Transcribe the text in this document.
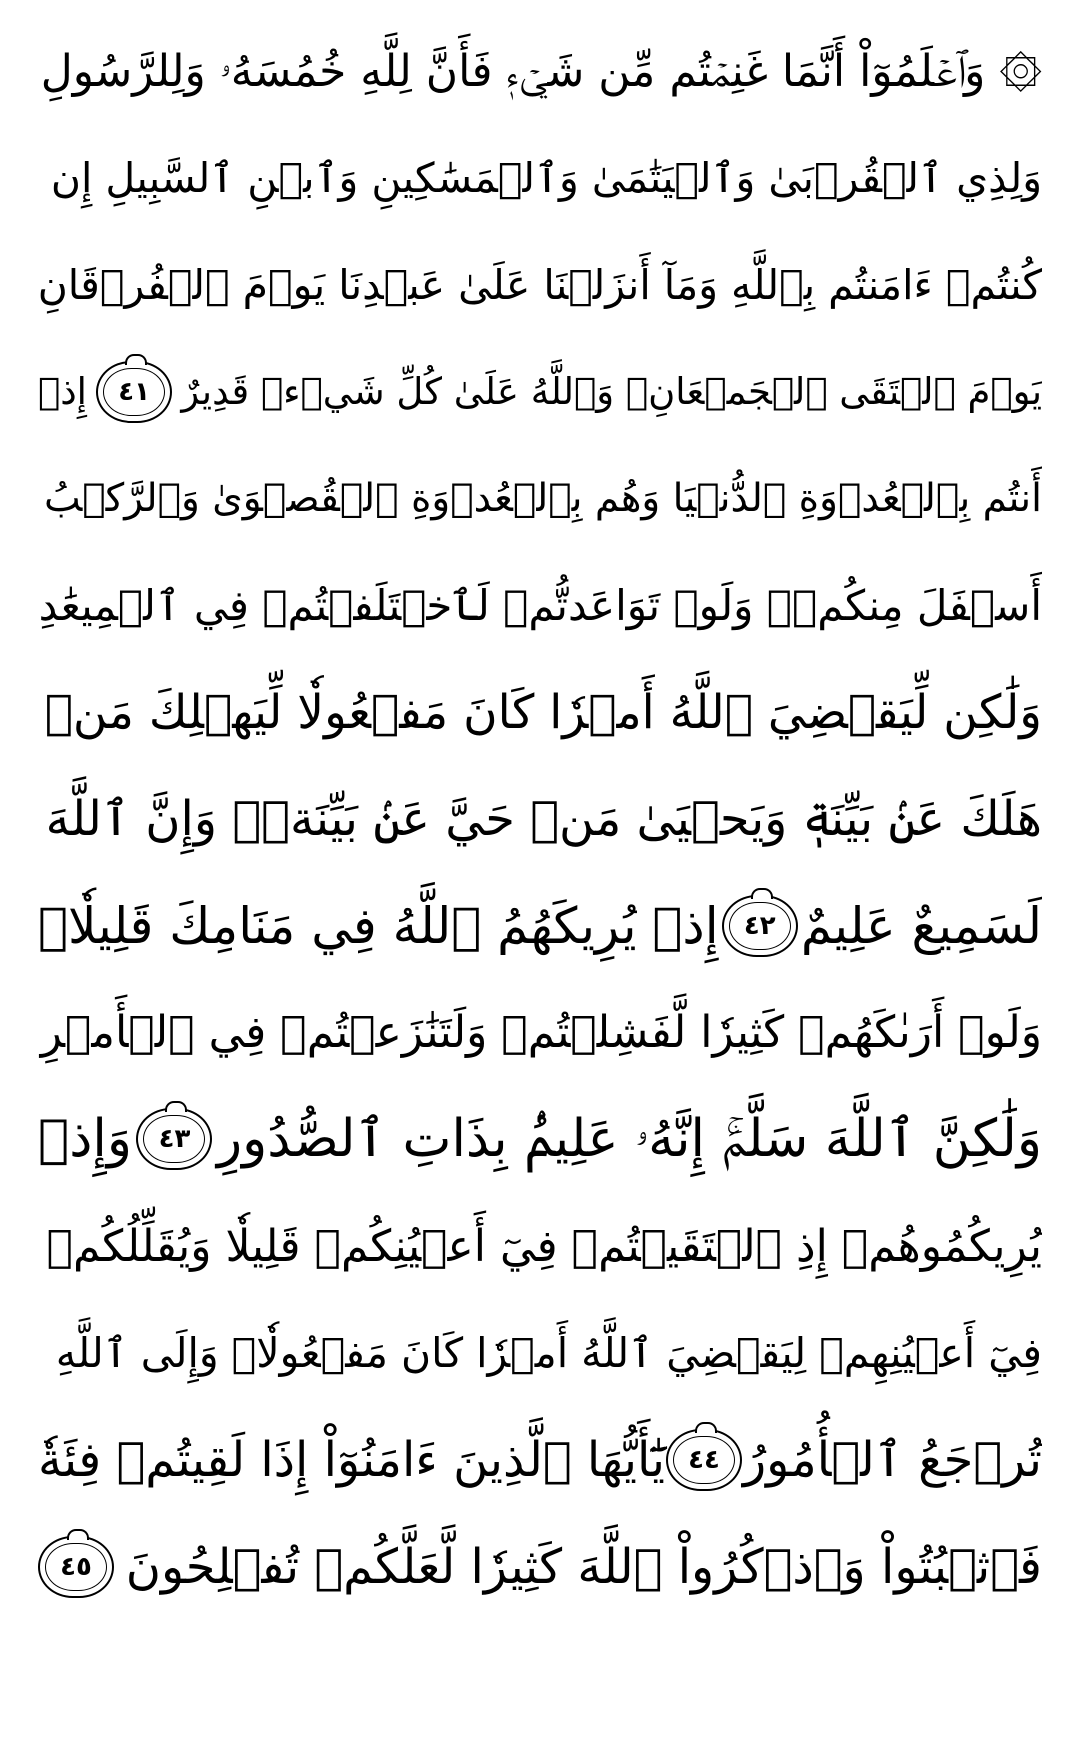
۞ وَٱعۡلَمُوٓاْ أَنَّمَا غَنِمۡتُم مِّن شَيۡءٖ فَأَنَّ لِلَّهِ خُمُسَهُۥ وَلِلرَّسُولِ
وَلِذِي ٱلۡقُرۡبَىٰ وَٱلۡيَتَٰمَىٰ وَٱلۡمَسَٰكِينِ وَٱبۡنِ ٱلسَّبِيلِ إِن
كُنتُمۡ ءَامَنتُم بِٱللَّهِ وَمَآ أَنزَلۡنَا عَلَىٰ عَبۡدِنَا يَوۡمَ ٱلۡفُرۡقَانِ
يَوۡمَ ٱلۡتَقَى ٱلۡجَمۡعَانِۗ وَٱللَّهُ عَلَىٰ كُلِّ شَيۡءٖ قَدِيرٌ
٤١
إِذۡ
أَنتُم بِٱلۡعُدۡوَةِ ٱلدُّنۡيَا وَهُم بِٱلۡعُدۡوَةِ ٱلۡقُصۡوَىٰ وَٱلرَّكۡبُ
أَسۡفَلَ مِنكُمۡۚ وَلَوۡ تَوَاعَدتُّمۡ لَٱخۡتَلَفۡتُمۡ فِي ٱلۡمِيعَٰدِ
وَلَٰكِن لِّيَقۡضِيَ ٱللَّهُ أَمۡرٗا كَانَ مَفۡعُولٗا لِّيَهۡلِكَ مَنۡ
هَلَكَ عَنۢ بَيِّنَةٖ وَيَحۡيَىٰ مَنۡ حَيَّ عَنۢ بَيِّنَةٖۗ وَإِنَّ ٱللَّهَ
لَسَمِيعٌ عَلِيمٌ
٤٢
إِذۡ يُرِيكَهُمُ ٱللَّهُ فِي مَنَامِكَ قَلِيلٗاۖ
وَلَوۡ أَرَىٰكَهُمۡ كَثِيرٗا لَّفَشِلۡتُمۡ وَلَتَنَٰزَعۡتُمۡ فِي ٱلۡأَمۡرِ
وَلَٰكِنَّ ٱللَّهَ سَلَّمَۚ إِنَّهُۥ عَلِيمُۢ بِذَاتِ ٱلصُّدُورِ
٤٣
وَإِذۡ
يُرِيكُمُوهُمۡ إِذِ ٱلۡتَقَيۡتُمۡ فِيٓ أَعۡيُنِكُمۡ قَلِيلٗا وَيُقَلِّلُكُمۡ
فِيٓ أَعۡيُنِهِمۡ لِيَقۡضِيَ ٱللَّهُ أَمۡرٗا كَانَ مَفۡعُولٗاۗ وَإِلَى ٱللَّهِ
تُرۡجَعُ ٱلۡأُمُورُ
٤٤
يَٰٓأَيُّهَا ٱلَّذِينَ ءَامَنُوٓاْ إِذَا لَقِيتُمۡ فِئَةٗ
فَٱثۡبُتُواْ وَٱذۡكُرُواْ ٱللَّهَ كَثِيرٗا لَّعَلَّكُمۡ تُفۡلِحُونَ
٤٥
